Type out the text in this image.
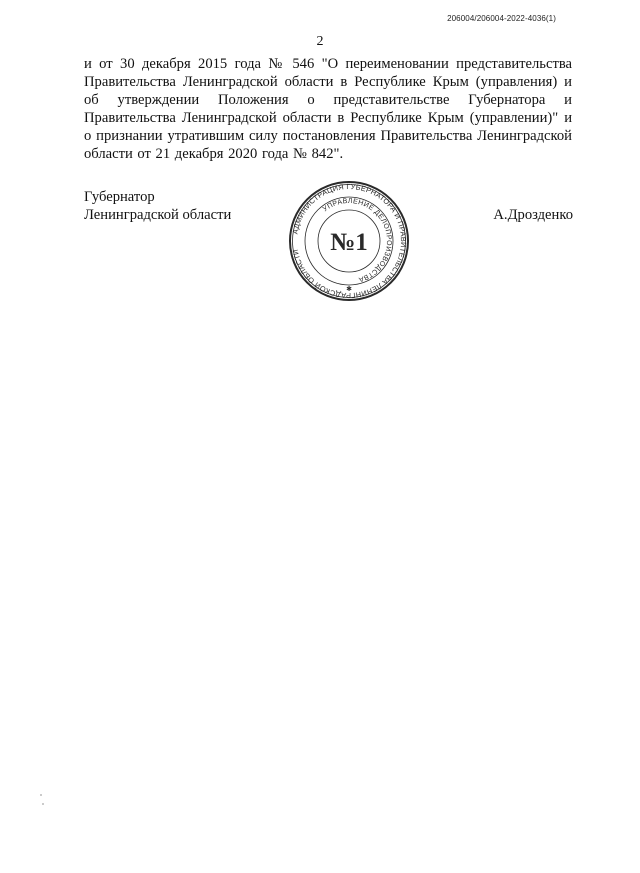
206004/206004-2022-4036(1)
2

и от 30 декабря 2015 года № 546 "О переименовании представительства Правительства Ленинградской области в Республике Крым (управления) и об утверждении Положения о представительстве Губернатора и Правительства Ленинградской области в Республике Крым (управлении)" и о признании утратившим силу постановления Правительства Ленинградской области от 21 декабря 2020 года № 842".

Губернатор
Ленинградской области
АДМИНИСТРАЦИЯ ГУБЕРНАТОРА И ПРАВИТЕЛЬСТВА ЛЕНИНГРАДСКОЙ ОБЛАСТИ
УПРАВЛЕНИЕ ДЕЛОПРОИЗВОДСТВА
№1
✱
А.Дрозденко
